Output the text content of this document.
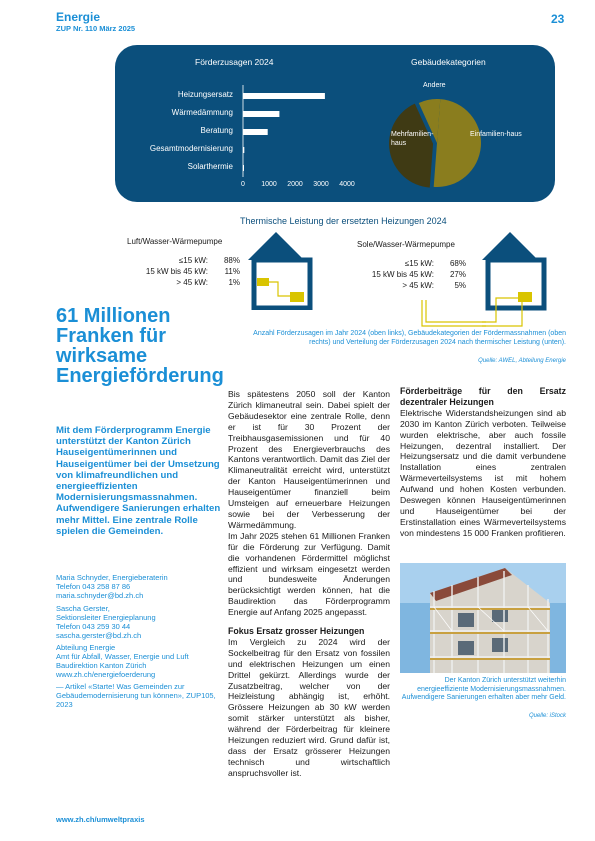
Energie
ZUP Nr. 110 März 2025
23
Förderzusagen 2024	Gebäudekategorien
Heizungsersatz
Wärmedämmung
Beratung
Gesamtmodernisierung
Solarthermie
0 1000 2000 3000 4000
Andere
Mehrfamilien-haus
Einfamilien-haus
Thermische Leistung der ersetzten Heizungen 2024
Luft/Wasser-Wärmepumpe
≤15 kW: 88%
15 kW bis 45 kW: 11%
> 45 kW:	1%
Sole/Wasser-Wärmepumpe
≤15 kW: 68%
15 kW bis 45 kW: 27%
> 45 kW:	5%
Anzahl Förderzusagen im Jahr 2024 (oben links), Gebäudekategorien der Fördermassnahmen (oben rechts) und Verteilung der Förderzusagen 2024 nach thermischer Leistung (unten).
Quelle: AWEL, Abteilung Energie
61 Millionen Franken für wirksame Energieförderung
Mit dem Förderprogramm Energie unterstützt der Kanton Zürich Hauseigentümerinnen und Hauseigentümer bei der Umsetzung von klimafreundlichen und energieeffizienten Modernisierungsmassnahmen. Aufwendigere Sanierungen erhalten mehr Mittel. Eine zentrale Rolle spielen die Gemeinden.
Maria Schnyder, Energieberaterin
Telefon 043 258 87 86
maria.schnyder@bd.zh.ch
Sascha Gerster,
Sektionsleiter Energieplanung
Telefon 043 259 30 44
sascha.gerster@bd.zh.ch
Abteilung Energie
Amt für Abfall, Wasser, Energie und Luft
Baudirektion Kanton Zürich
www.zh.ch/energiefoerderung
— Artikel «Starte! Was Gemeinden zur Gebäudemodernisierung tun können», ZUP105, 2023

Bis spätestens 2050 soll der Kanton Zürich klimaneutral sein. Dabei spielt der Gebäudesektor eine zentrale Rolle, denn er ist für 30 Prozent der Treibhausgasemissionen und für 40 Prozent des Energieverbrauchs des Kantons verantwortlich. Damit das Ziel der Klimaneutralität erreicht wird, unterstützt der Kanton Hauseigentümerinnen und Hauseigentümer finanziell beim Umsteigen auf erneuerbare Heizungen sowie bei der Verbesserung der Wärmedämmung.

Im Jahr 2025 stehen 61 Millionen Franken für die Förderung zur Verfügung. Damit die vorhandenen Fördermittel möglichst effizient und wirksam eingesetzt werden und bundesweite Änderungen berücksichtigt werden können, hat die Baudirektion das Förderprogramm Energie auf Anfang 2025 angepasst.

Fokus Ersatz grosser Heizungen

Im Vergleich zu 2024 wird der Sockelbeitrag für den Ersatz von fossilen und elektrischen Heizungen um einen Drittel gekürzt. Allerdings wurde der Zusatzbeitrag, welcher von der Heizleistung abhängig ist, erhöht. Grössere Heizungen ab 30 kW werden somit stärker unterstützt als bisher, während der Förderbeitrag für kleinere Heizungen reduziert wird. Grund dafür ist, dass der Ersatz grösserer Heizungen technisch und wirtschaftlich anspruchsvoller ist.

Förderbeiträge für den Ersatz dezentraler Heizungen

Elektrische Widerstandsheizungen sind ab 2030 im Kanton Zürich verboten. Teilweise wurden elektrische, aber auch fossile Heizungen, dezentral installiert. Der Heizungsersatz und die damit verbundene Installation eines zentralen Wärmeverteilsystems ist mit hohem Aufwand und hohen Kosten verbunden. Deswegen können Hauseigentümerinnen und Hauseigentümer bei der Erstinstallation eines Wärmeverteilsystems von mindestens 15 000 Franken profitieren.

Der Kanton Zürich unterstützt weiterhin energieeffiziente Modernisierungsmassnahmen. Aufwendigere Sanierungen erhalten aber mehr Geld.
Quelle: iStock
www.zh.ch/umweltpraxis
